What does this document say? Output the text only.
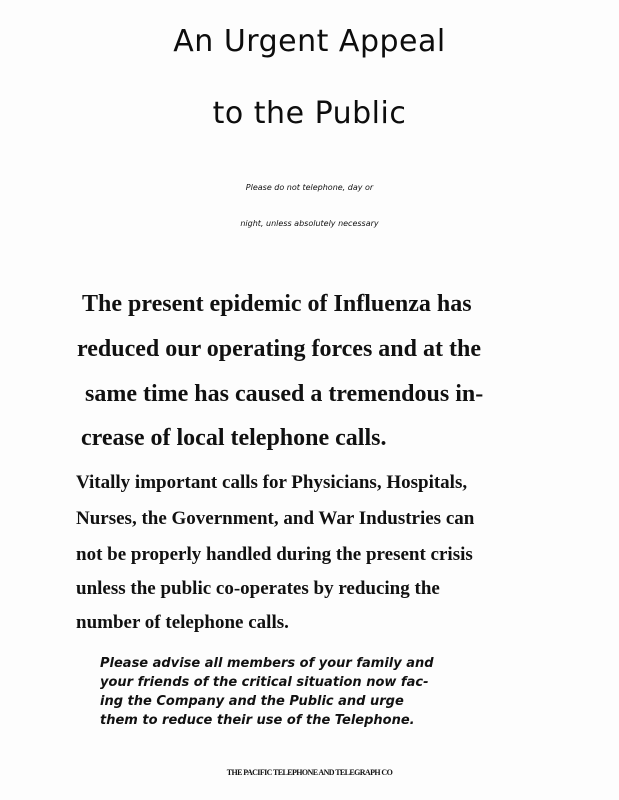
An Urgent Appeal
to the Public

Please do not telephone, day or

night, unless absolutely necessary

The present epidemic of Influenza has

reduced our operating forces and at the

same time has caused a tremendous in-

crease of local telephone calls.

Vitally important calls for Physicians, Hospitals,

Nurses, the Government, and War Industries can

not be properly handled during the present crisis

unless the public co-operates by reducing the

number of telephone calls.

Please advise all members of your family and

your friends of the critical situation now fac-

ing the Company and the Public and urge

them to reduce their use of the Telephone.

THE PACIFIC TELEPHONE AND TELEGRAPH CO
